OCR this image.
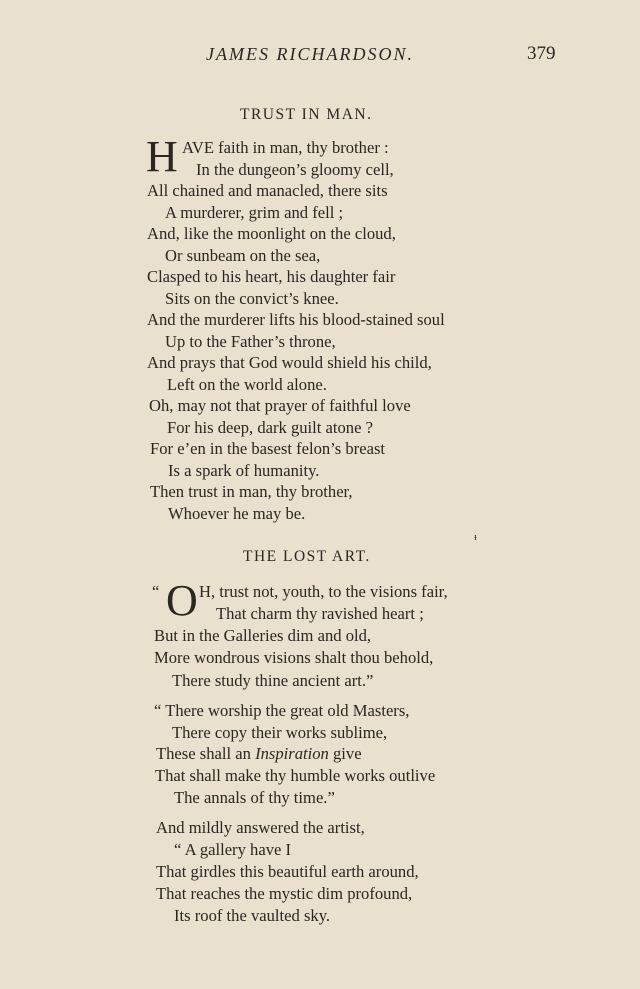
JAMES RICHARDSON.	379
TRUST IN MAN.
H AVE faith in man, thy brother :
In the dungeon’s gloomy cell,
All chained and manacled, there sits
A murderer, grim and fell ;
And, like the moonlight on the cloud,
Or sunbeam on the sea,
Clasped to his heart, his daughter fair
Sits on the convict’s knee.
And the murderer lifts his blood-stained soul
Up to the Father’s throne,
And prays that God would shield his child,
Left on the world alone.
Oh, may not that prayer of faithful love
For his deep, dark guilt atone ?
For e’en in the basest felon’s breast
Is a spark of humanity.
Then trust in man, thy brother,
Whoever he may be.
ᵻ
THE LOST ART.
“ O H, trust not, youth, to the visions fair,
That charm thy ravished heart ;
But in the Galleries dim and old,
More wondrous visions shalt thou behold,
There study thine ancient art.”
“ There worship the great old Masters,
There copy their works sublime,
These shall an Inspiration give
That shall make thy humble works outlive
The annals of thy time.”
And mildly answered the artist,
“ A gallery have I
That girdles this beautiful earth around,
That reaches the mystic dim profound,
Its roof the vaulted sky.
